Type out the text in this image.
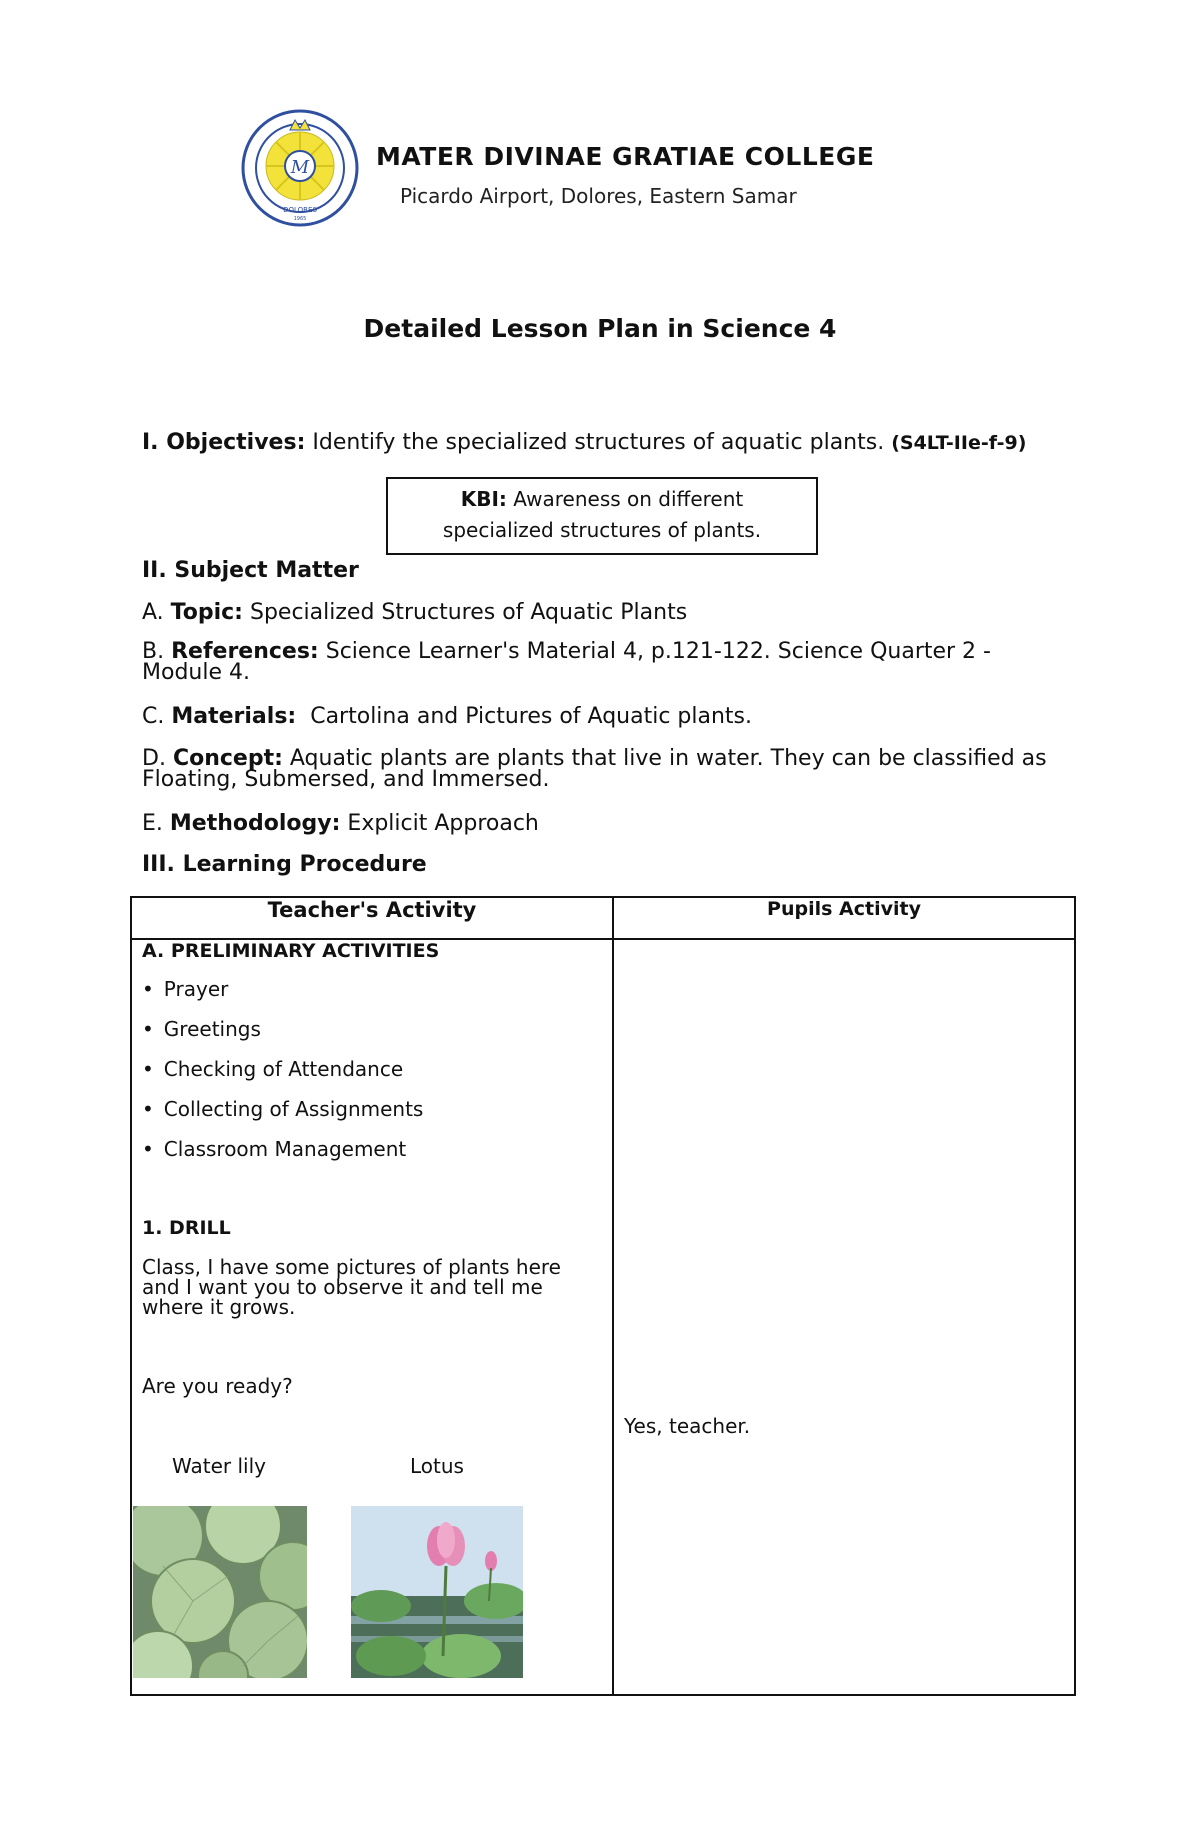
M
DOLORES
1965
MATER DIVINAE GRATIAE COLLEGE
Picardo Airport, Dolores, Eastern Samar
Detailed Lesson Plan in Science 4
I. Objectives: Identify the specialized structures of aquatic plants. (S4LT-IIe-f-9)
KBI: Awareness on different
specialized structures of plants.
II. Subject Matter
A. Topic: Specialized Structures of Aquatic Plants
B. References: Science Learner's Material 4, p.121-122. Science Quarter 2 - Module 4.
C. Materials: Cartolina and Pictures of Aquatic plants.
D. Concept: Aquatic plants are plants that live in water. They can be classified as Floating, Submersed, and Immersed.
E. Methodology: Explicit Approach
III. Learning Procedure
Teacher's Activity	Pupils Activity
A. PRELIMINARY ACTIVITIES
• Prayer
• Greetings
• Checking of Attendance
• Collecting of Assignments
• Classroom Management
1. DRILL
Class, I have some pictures of plants here and I want you to observe it and tell me where it grows.
Are you ready?
Yes, teacher.
Water lily	Lotus
